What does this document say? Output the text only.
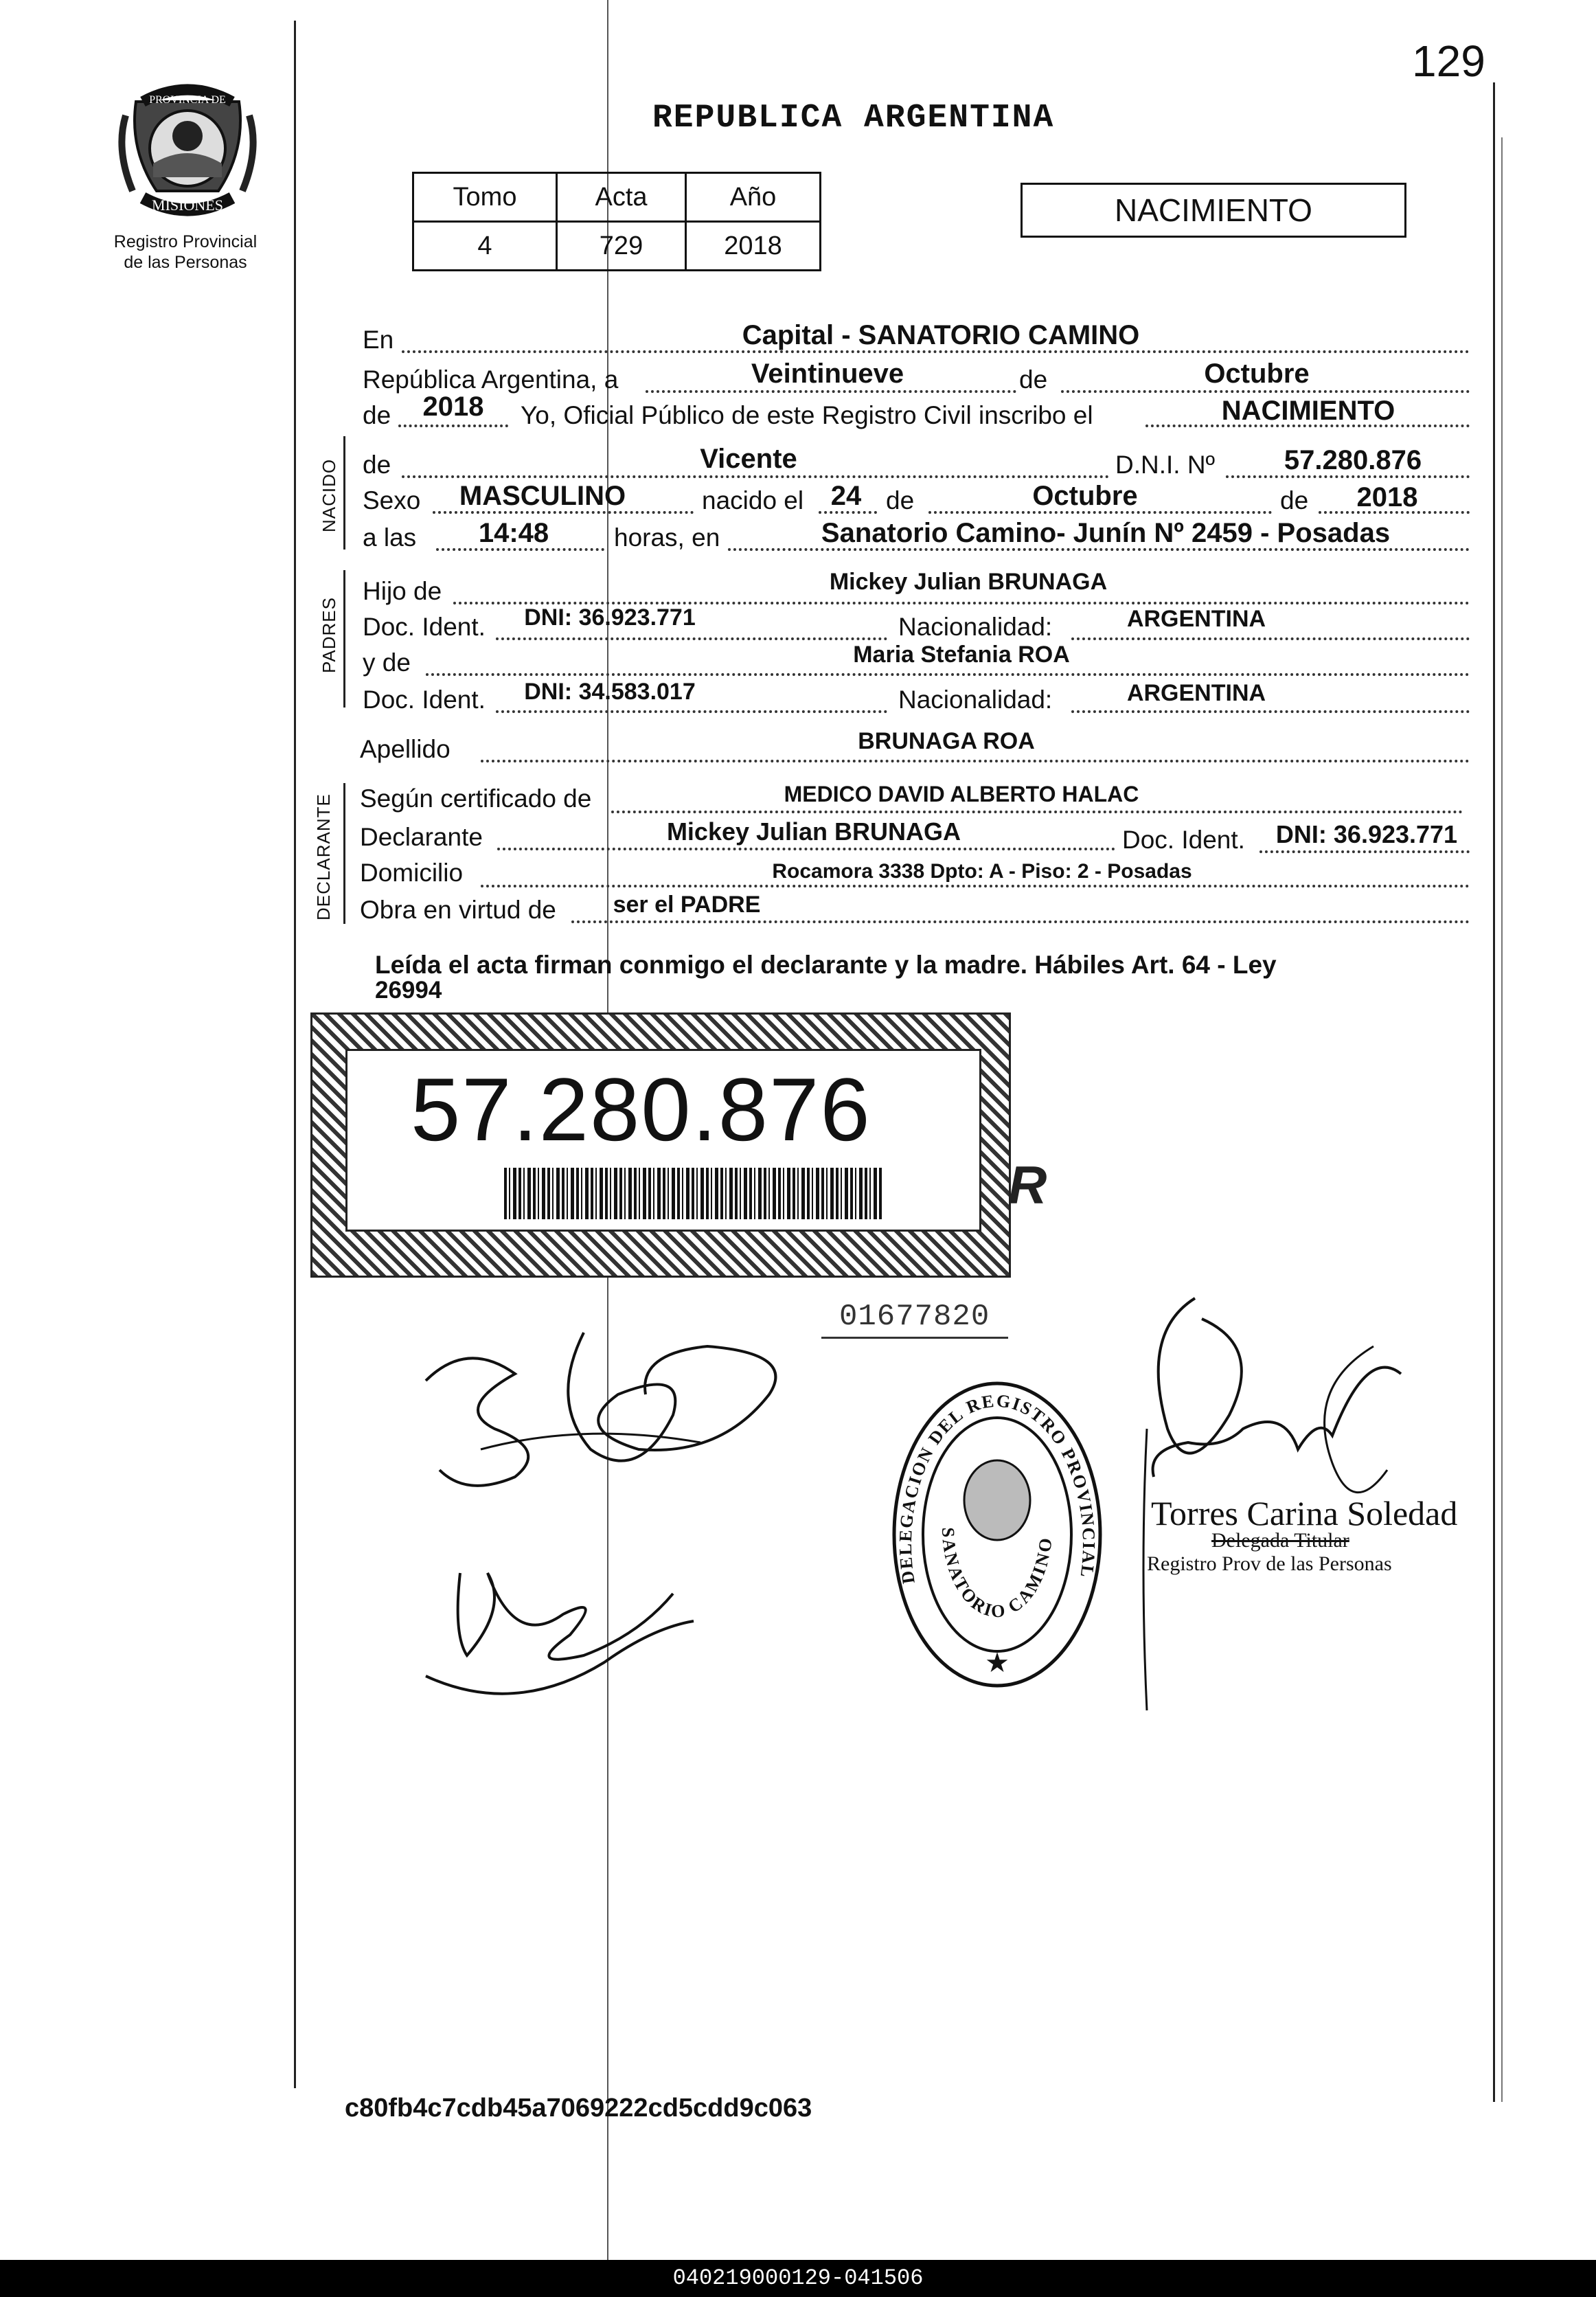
129
PROVINCIA DE
MISIONES
Registro Provincial
de las Personas
REPUBLICA ARGENTINA
Tomo	Acta	Año
4	729	2018
NACIMIENTO
En	Capital - SANATORIO CAMINO
República Argentina, a	Veintinueve	de	Octubre
de 2018 Yo, Oficial Público de este Registro Civil inscribo el	NACIMIENTO
NACIDO de	Vicente	D.N.I. Nº	57.280.876
Sexo MASCULINO	nacido el 24 de	Octubre	de 2018
a las 14:48	horas, en	Sanatorio Camino- Junín Nº 2459 - Posadas
PADRES
Hijo de	Mickey Julian BRUNAGA
Doc. Ident. DNI: 36.923.771	Nacionalidad:	ARGENTINA
y de	Maria Stefania ROA
Doc. Ident. DNI: 34.583.017	Nacionalidad:	ARGENTINA
Apellido	BRUNAGA ROA
DECLARANTE Según certificado de	MEDICO DAVID ALBERTO HALAC
Declarante	Mickey Julian BRUNAGA	Doc. Ident. DNI: 36.923.771
Domicilio	Rocamora 3338 Dpto: A - Piso: 2 - Posadas
Obra en virtud de ser el PADRE
Leída el acta firman conmigo el declarante y la madre. Hábiles Art. 64 - Ley
26994
57.280.876
R
01677820
DELEGACION DEL REGISTRO PROVINCIAL
SANATORIO CAMINO
★
Torres Carina Soledad
Delegada Titular
Registro Prov de las Personas
c80fb4c7cdb45a7069222cd5cdd9c063
040219000129-041506
